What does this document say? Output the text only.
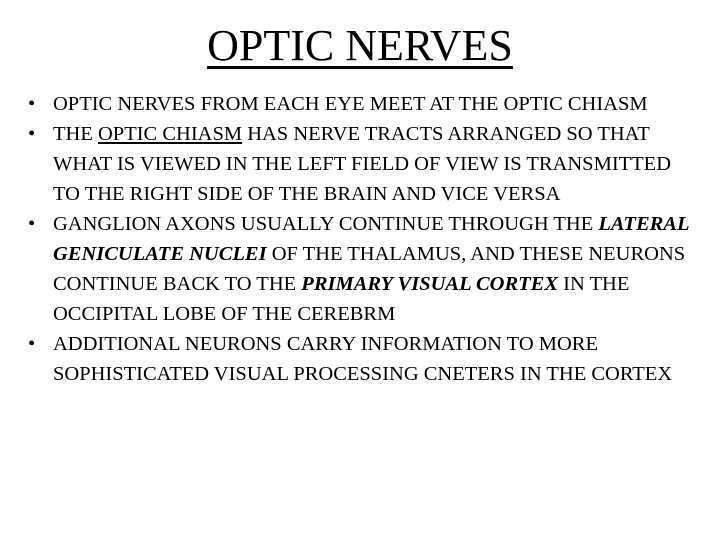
OPTIC NERVES
• OPTIC NERVES FROM EACH EYE MEET AT THE OPTIC CHIASM
• THE OPTIC CHIASM HAS NERVE TRACTS ARRANGED SO THAT WHAT IS VIEWED IN THE LEFT FIELD OF VIEW IS TRANSMITTED TO THE RIGHT SIDE OF THE BRAIN AND VICE VERSA
• GANGLION AXONS USUALLY CONTINUE THROUGH THE LATERAL GENICULATE NUCLEI OF THE THALAMUS, AND THESE NEURONS CONTINUE BACK TO THE PRIMARY VISUAL CORTEX IN THE OCCIPITAL LOBE OF THE CEREBRM
• ADDITIONAL NEURONS CARRY INFORMATION TO MORE SOPHISTICATED VISUAL PROCESSING CNETERS IN THE CORTEX
